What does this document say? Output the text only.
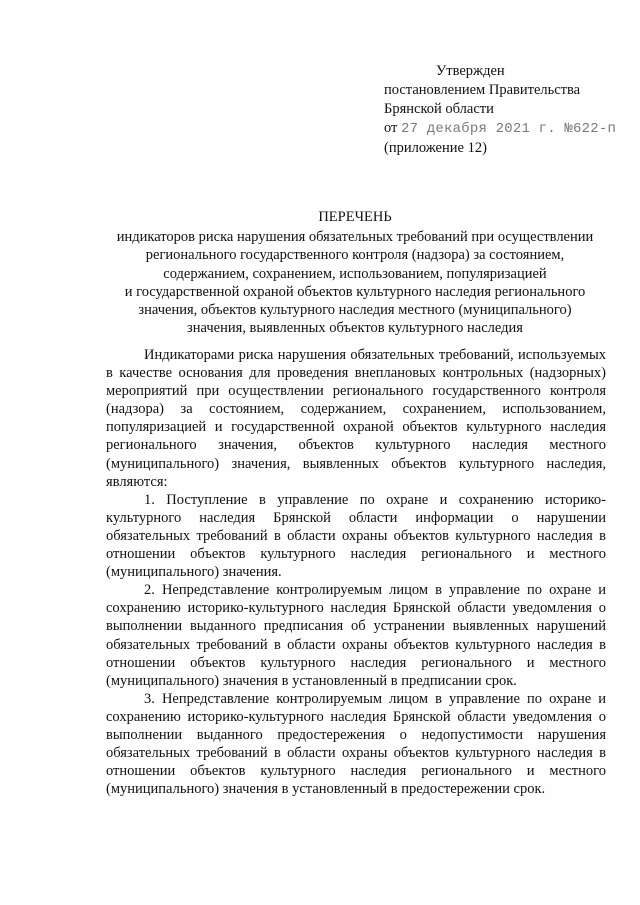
Утвержден
постановлением Правительства
Брянской области
от 27 декабря 2021 г. №622-п
(приложение 12)
ПЕРЕЧЕНЬ
индикаторов риска нарушения обязательных требований при осуществлении
регионального государственного контроля (надзора) за состоянием,
содержанием, сохранением, использованием, популяризацией
и государственной охраной объектов культурного наследия регионального
значения, объектов культурного наследия местного (муниципального)
значения, выявленных объектов культурного наследия

Индикаторами риска нарушения обязательных требований, используемых в качестве основания для проведения внеплановых контрольных (надзорных) мероприятий при осуществлении регионального государственного контроля (надзора) за состоянием, содержанием, сохранением, использованием, популяризацией и государственной охраной объектов культурного наследия регионального значения, объектов культурного наследия местного (муниципального) значения, выявленных объектов культурного наследия, являются:

1. Поступление в управление по охране и сохранению историко-культурного наследия Брянской области информации о нарушении обязательных требований в области охраны объектов культурного наследия в отношении объектов культурного наследия регионального и местного (муниципального) значения.

2. Непредставление контролируемым лицом в управление по охране и сохранению историко-культурного наследия Брянской области уведомления о выполнении выданного предписания об устранении выявленных нарушений обязательных требований в области охраны объектов культурного наследия в отношении объектов культурного наследия регионального и местного (муниципального) значения в установленный в предписании срок.

3. Непредставление контролируемым лицом в управление по охране и сохранению историко-культурного наследия Брянской области уведомления о выполнении выданного предостережения о недопустимости нарушения обязательных требований в области охраны объектов культурного наследия в отношении объектов культурного наследия регионального и местного (муниципального) значения в установленный в предостережении срок.
